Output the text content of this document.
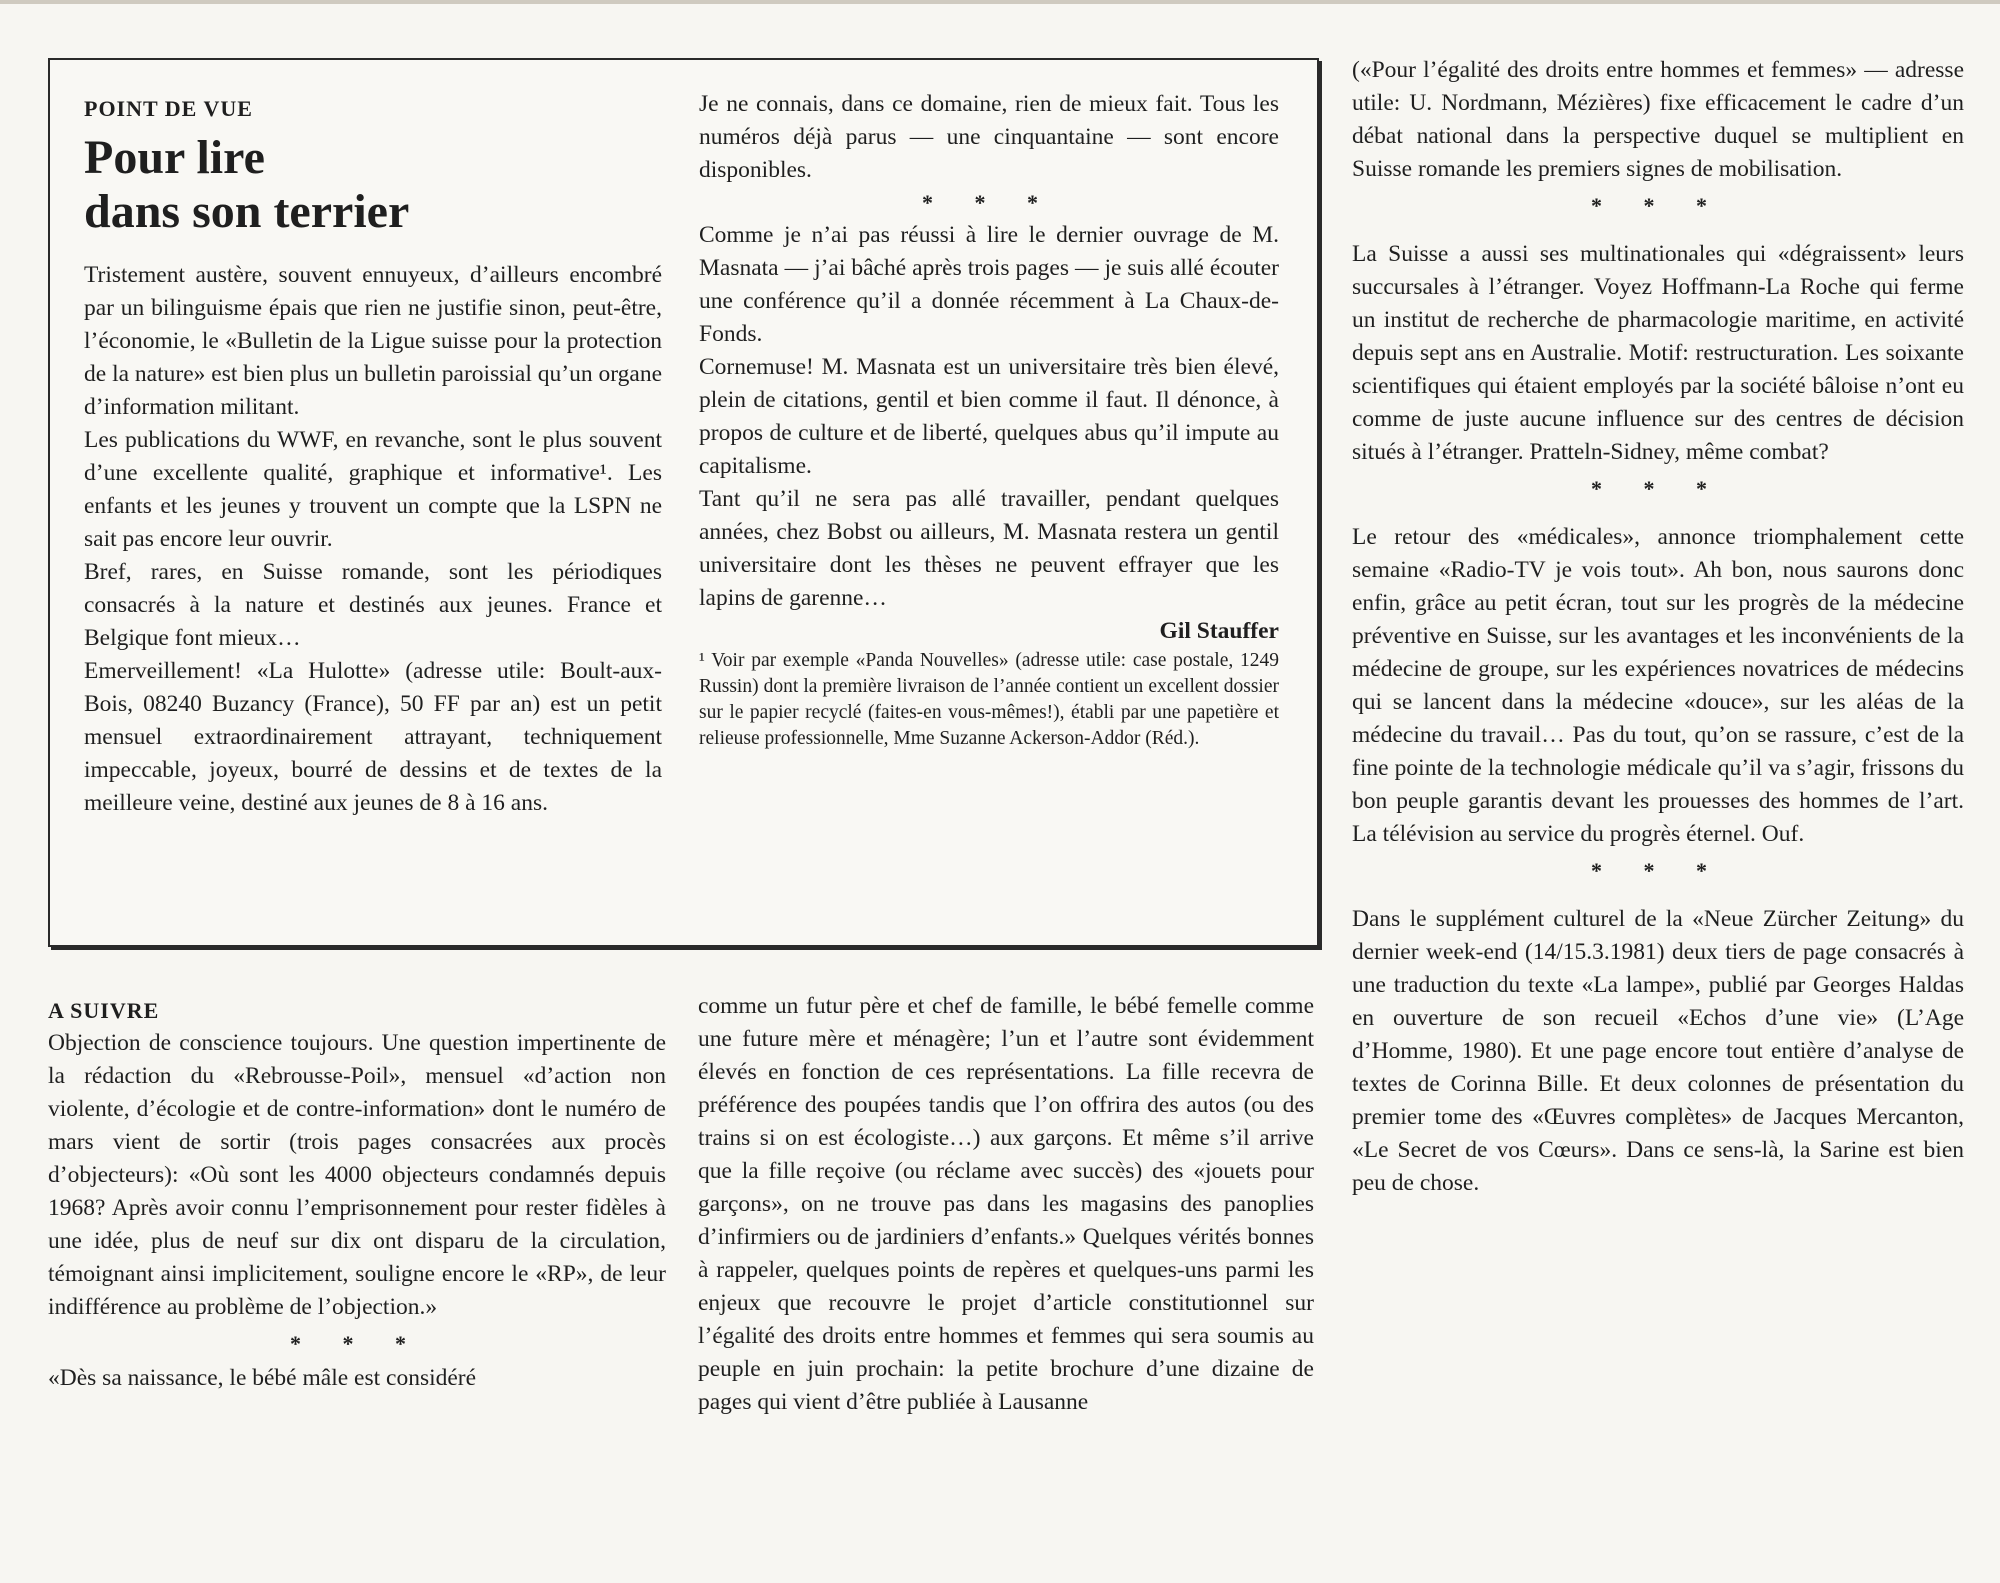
POINT DE VUE

Pour lire
dans son terrier

Tristement austère, souvent ennuyeux, d’ailleurs encombré par un bilinguisme épais que rien ne justifie sinon, peut-être, l’économie, le «Bulletin de la Ligue suisse pour la protection de la nature» est bien plus un bulletin paroissial qu’un organe d’information militant.

Les publications du WWF, en revanche, sont le plus souvent d’une excellente qualité, graphique et informative¹. Les enfants et les jeunes y trouvent un compte que la LSPN ne sait pas encore leur ouvrir.

Bref, rares, en Suisse romande, sont les périodiques consacrés à la nature et destinés aux jeunes. France et Belgique font mieux…

Emerveillement! «La Hulotte» (adresse utile: Boult-aux-Bois, 08240 Buzancy (France), 50 FF par an) est un petit mensuel extraordinairement attrayant, techniquement impeccable, joyeux, bourré de dessins et de textes de la meilleure veine, destiné aux jeunes de 8 à 16 ans.

Je ne connais, dans ce domaine, rien de mieux fait. Tous les numéros déjà parus — une cinquantaine — sont encore disponibles.

* * *

Comme je n’ai pas réussi à lire le dernier ouvrage de M. Masnata — j’ai bâché après trois pages — je suis allé écouter une conférence qu’il a donnée récemment à La Chaux-de-Fonds.

Cornemuse! M. Masnata est un universitaire très bien élevé, plein de citations, gentil et bien comme il faut. Il dénonce, à propos de culture et de liberté, quelques abus qu’il impute au capitalisme.

Tant qu’il ne sera pas allé travailler, pendant quelques années, chez Bobst ou ailleurs, M. Masnata restera un gentil universitaire dont les thèses ne peuvent effrayer que les lapins de garenne…

Gil Stauffer

¹ Voir par exemple «Panda Nouvelles» (adresse utile: case postale, 1249 Russin) dont la première livraison de l’année contient un excellent dossier sur le papier recyclé (faites-en vous-mêmes!), établi par une papetière et relieuse professionnelle, Mme Suzanne Ackerson-Addor (Réd.).

A SUIVRE

Objection de conscience toujours. Une question impertinente de la rédaction du «Rebrousse-Poil», mensuel «d’action non violente, d’écologie et de contre-information» dont le numéro de mars vient de sortir (trois pages consacrées aux procès d’objecteurs): «Où sont les 4000 objecteurs condamnés depuis 1968? Après avoir connu l’emprisonnement pour rester fidèles à une idée, plus de neuf sur dix ont disparu de la circulation, témoignant ainsi implicitement, souligne encore le «RP», de leur indifférence au problème de l’objection.»

* * *

«Dès sa naissance, le bébé mâle est considéré

comme un futur père et chef de famille, le bébé femelle comme une future mère et ménagère; l’un et l’autre sont évidemment élevés en fonction de ces représentations. La fille recevra de préférence des poupées tandis que l’on offrira des autos (ou des trains si on est écologiste…) aux garçons. Et même s’il arrive que la fille reçoive (ou réclame avec succès) des «jouets pour garçons», on ne trouve pas dans les magasins des panoplies d’infirmiers ou de jardiniers d’enfants.» Quelques vérités bonnes à rappeler, quelques points de repères et quelques-uns parmi les enjeux que recouvre le projet d’article constitutionnel sur l’égalité des droits entre hommes et femmes qui sera soumis au peuple en juin prochain: la petite brochure d’une dizaine de pages qui vient d’être publiée à Lausanne

(«Pour l’égalité des droits entre hommes et femmes» — adresse utile: U. Nordmann, Mézières) fixe efficacement le cadre d’un débat national dans la perspective duquel se multiplient en Suisse romande les premiers signes de mobilisation.

* * *

La Suisse a aussi ses multinationales qui «dégraissent» leurs succursales à l’étranger. Voyez Hoffmann-La Roche qui ferme un institut de recherche de pharmacologie maritime, en activité depuis sept ans en Australie. Motif: restructuration. Les soixante scientifiques qui étaient employés par la société bâloise n’ont eu comme de juste aucune influence sur des centres de décision situés à l’étranger. Pratteln-Sidney, même combat?

* * *

Le retour des «médicales», annonce triomphalement cette semaine «Radio-TV je vois tout». Ah bon, nous saurons donc enfin, grâce au petit écran, tout sur les progrès de la médecine préventive en Suisse, sur les avantages et les inconvénients de la médecine de groupe, sur les expériences novatrices de médecins qui se lancent dans la médecine «douce», sur les aléas de la médecine du travail… Pas du tout, qu’on se rassure, c’est de la fine pointe de la technologie médicale qu’il va s’agir, frissons du bon peuple garantis devant les prouesses des hommes de l’art. La télévision au service du progrès éternel. Ouf.

* * *

Dans le supplément culturel de la «Neue Zürcher Zeitung» du dernier week-end (14/15.3.1981) deux tiers de page consacrés à une traduction du texte «La lampe», publié par Georges Haldas en ouverture de son recueil «Echos d’une vie» (L’Age d’Homme, 1980). Et une page encore tout entière d’analyse de textes de Corinna Bille. Et deux colonnes de présentation du premier tome des «Œuvres complètes» de Jacques Mercanton, «Le Secret de vos Cœurs». Dans ce sens-là, la Sarine est bien peu de chose.
